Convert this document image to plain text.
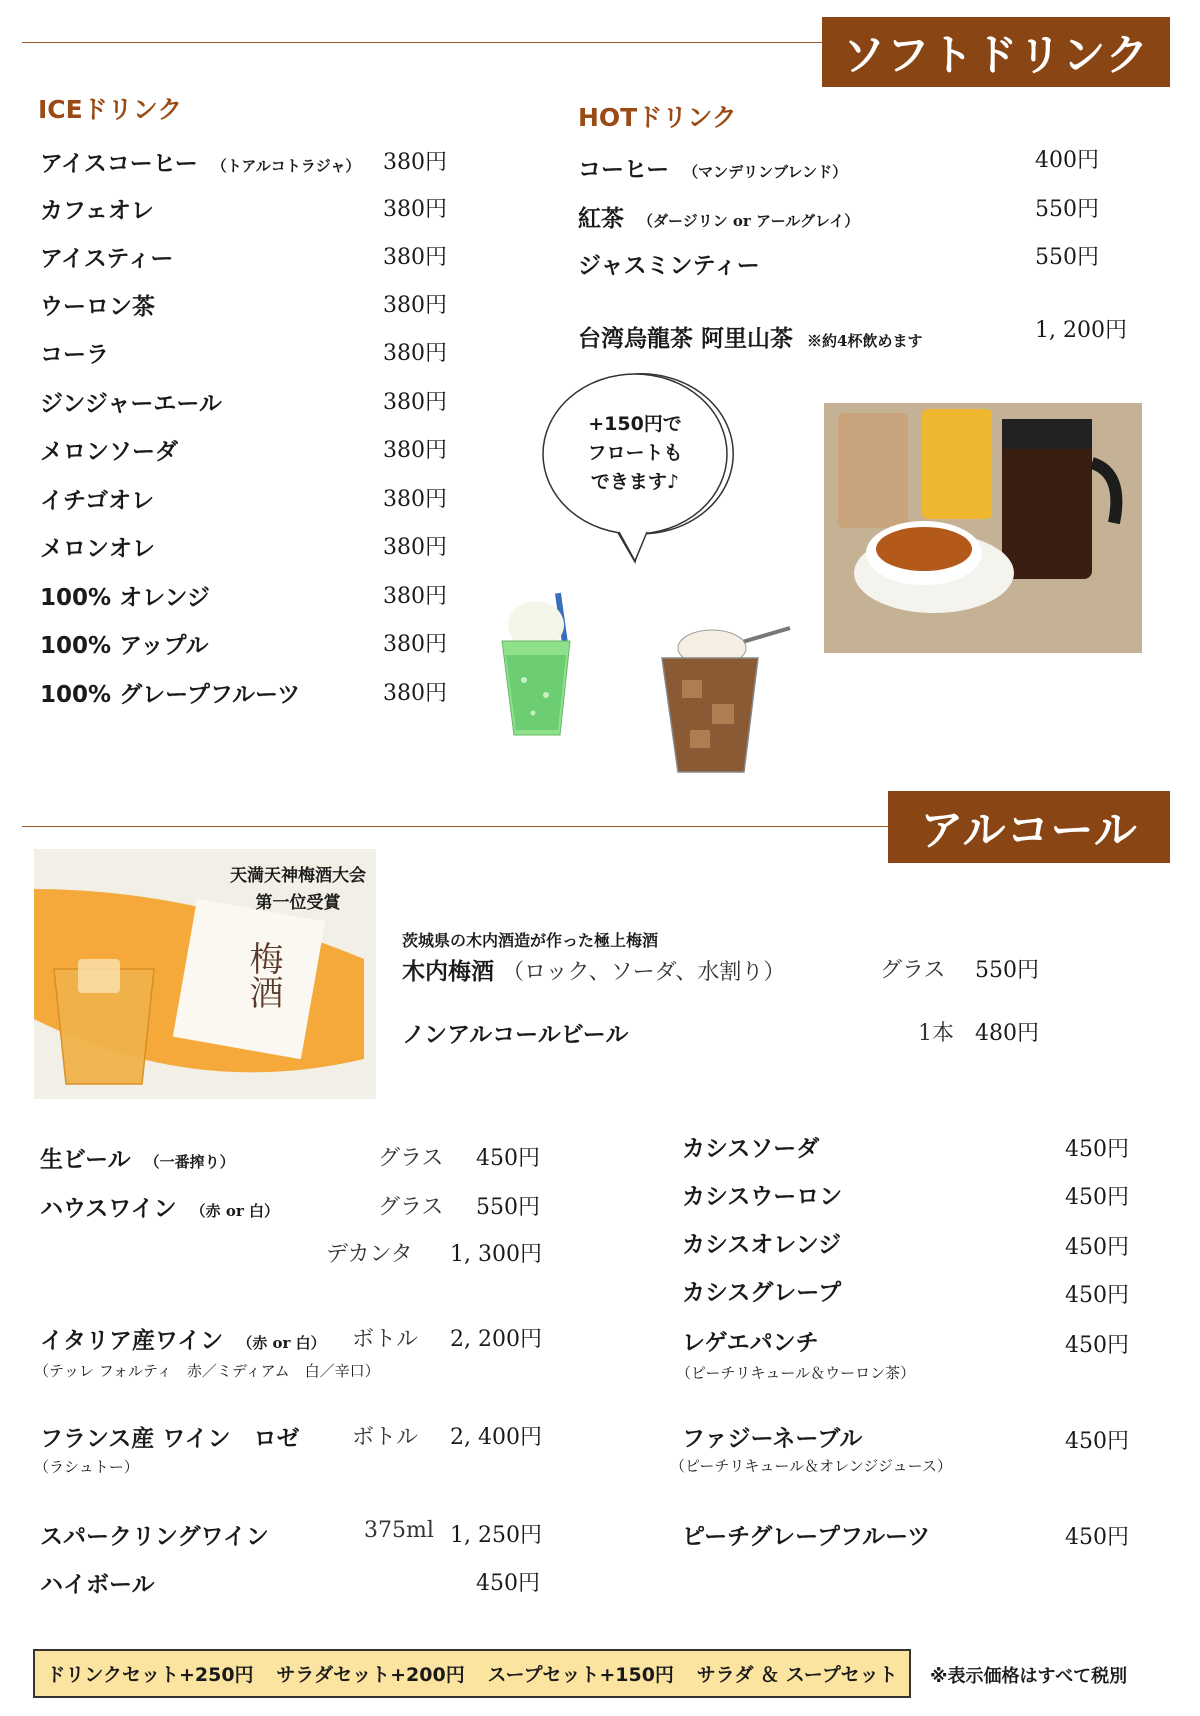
ソフトドリンク
ICEドリンク	HOTドリンク
アイスコーヒー （トアルコトラジャ） 380円
カフェオレ	380円
アイスティー	380円
ウーロン茶	380円
コーラ	380円
ジンジャーエール	380円
メロンソーダ	380円
イチゴオレ	380円
メロンオレ	380円
100% オレンジ	380円
100% アップル	380円
100% グレープフルーツ	380円
コーヒー （マンデリンブレンド）	400円
紅茶 （ダージリン or アールグレイ）	550円
ジャスミンティー	550円
台湾烏龍茶 阿里山茶 ※約4杯飲めます	1, 200円
+150円で
フロートも
できます♪
アルコール
天満天神梅酒大会
第一位受賞
梅酒
茨城県の木内酒造が作った極上梅酒
木内梅酒 （ロック、ソーダ、水割り）	グラス 550円
ノンアルコールビール	1本 480円
生ビール （一番搾り）	グラス 450円
ハウスワイン （赤 or 白）	グラス 550円
デカンタ 1, 300円
イタリア産ワイン （赤 or 白） ボトル 2, 200円
（テッレ フォルティ　赤／ミディアム　白／辛口）
フランス産 ワイン　ロゼ ボトル 2, 400円
（ラシュトー）
スパークリングワイン	375ml 1, 250円
ハイボール	450円
カシスソーダ	450円
カシスウーロン	450円
カシスオレンジ	450円
カシスグレープ	450円
レゲエパンチ	450円
（ピーチリキュール＆ウーロン茶）
ファジーネーブル	450円
（ピーチリキュール＆オレンジジュース）
ピーチグレープフルーツ	450円
ドリンクセット+250円 サラダセット+200円 スープセット+150円 サラダ ＆ スープセット ※表示価格はすべて税別
